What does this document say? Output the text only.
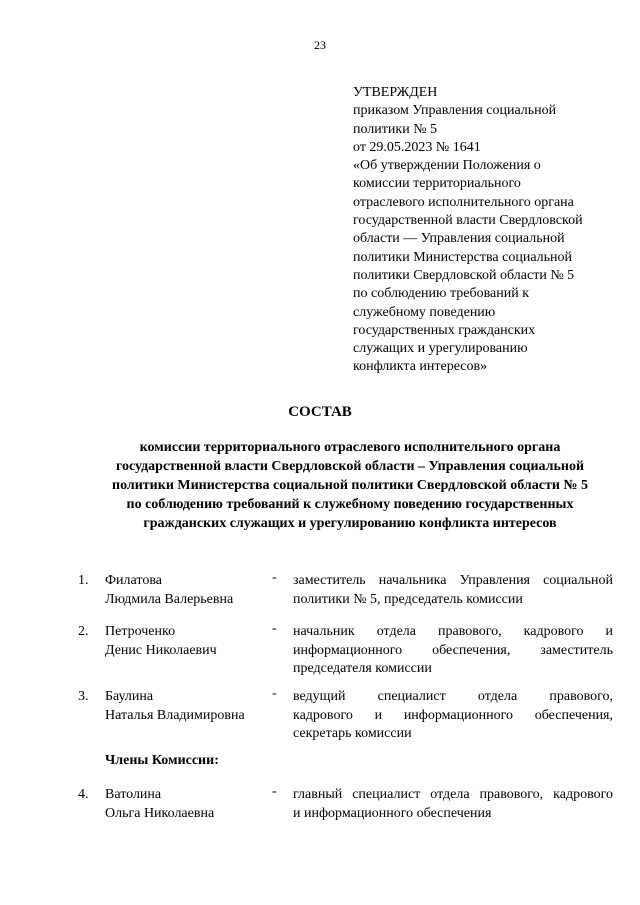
23
УТВЕРЖДЕН
приказом Управления социальной
политики № 5
от 29.05.2023 № 1641
«Об утверждении Положения о
комиссии территориального
отраслевого исполнительного органа
государственной власти Свердловской
области — Управления социальной
политики Министерства социальной
политики Свердловской области № 5
по соблюдению требований к
служебному поведению
государственных гражданских
служащих и урегулированию
конфликта интересов»
СОСТАВ
комиссии территориального отраслевого исполнительного органа
государственной власти Свердловской области – Управления социальной
политики Министерства социальной политики Свердловской области № 5
по соблюдению требований к служебному поведению государственных
гражданских служащих и урегулированию конфликта интересов
1. Филатова
Людмила Валерьевна
- заместитель начальника Управления социальной
политики № 5, председатель комиссии
2. Петроченко
Денис Николаевич
- начальник отдела правового, кадрового и
информационного обеспечения, заместитель
председателя комиссии
3. Баулина
Наталья Владимировна
- ведущий специалист отдела правового,
кадрового и информационного обеспечения,
секретарь комиссии
Члены Комиссии:
4. Ватолина
Ольга Николаевна
- главный специалист отдела правового, кадрового
и информационного обеспечения
